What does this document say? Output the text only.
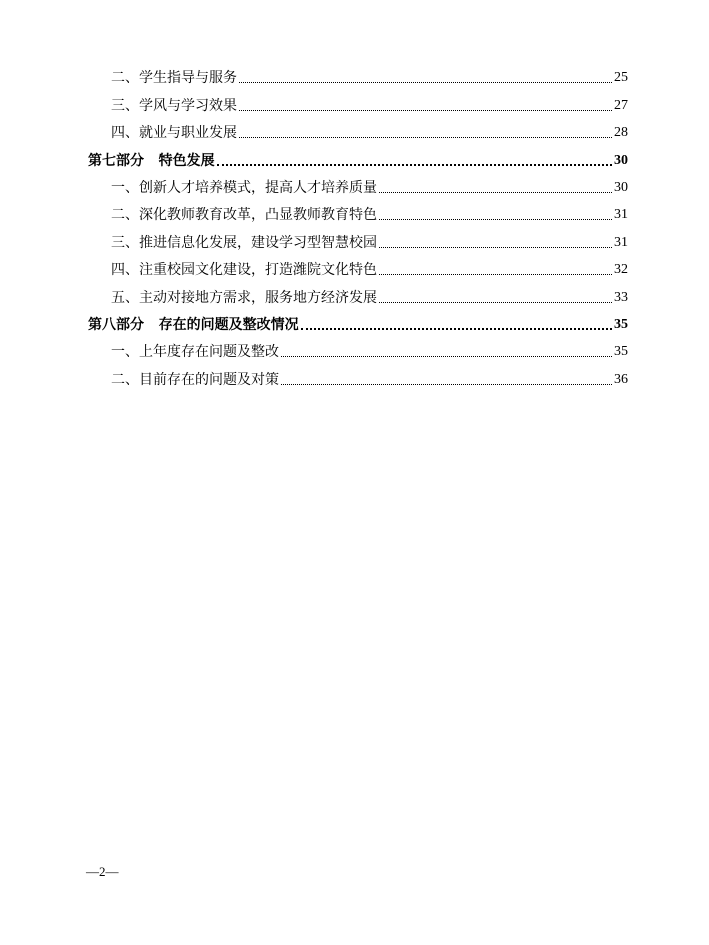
二、学生指导与服务	25
三、学风与学习效果	27
四、就业与职业发展	28
第七部分   特色发展	30
一、创新人才培养模式，提高人才培养质量	30
二、深化教师教育改革，凸显教师教育特色	31
三、推进信息化发展，建设学习型智慧校园	31
四、注重校园文化建设，打造潍院文化特色	32
五、主动对接地方需求，服务地方经济发展	33
第八部分   存在的问题及整改情况	35
一、上年度存在问题及整改	35
二、目前存在的问题及对策	36
—2—
